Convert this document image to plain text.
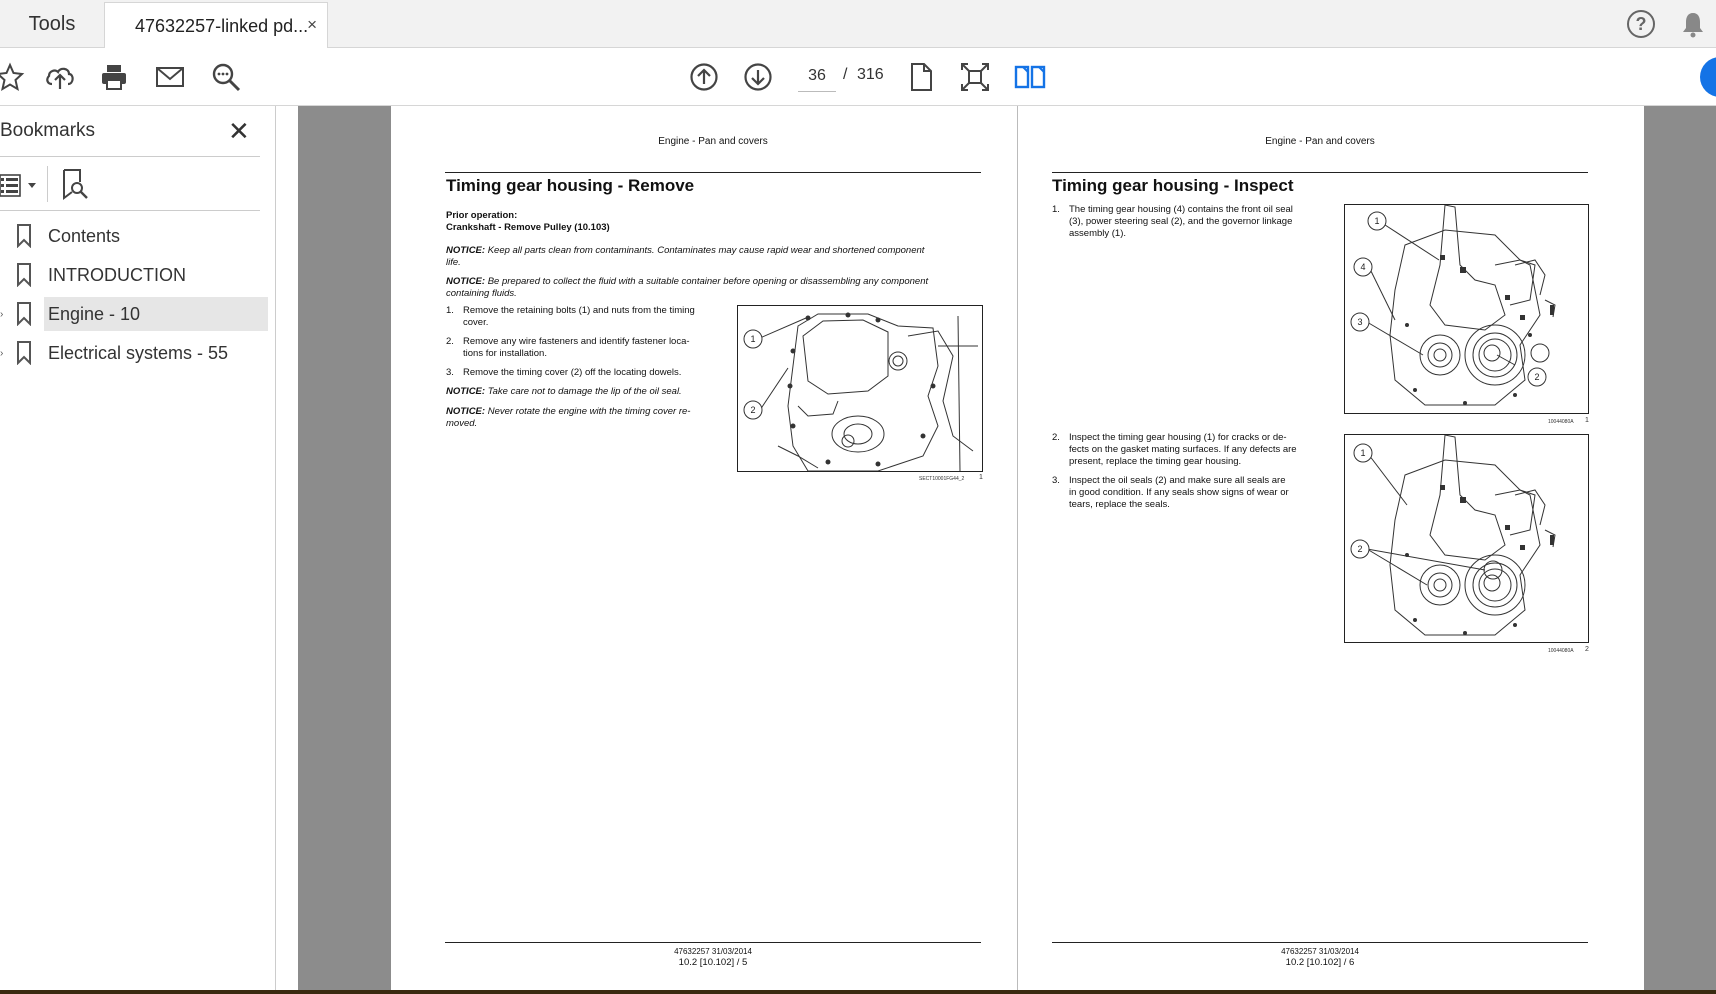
Tools	47632257-linked pd...
×	?
36
/ 316
Bookmarks	✕
Contents
INTRODUCTION
› Engine - 10
› Electrical systems - 55
Engine - Pan and covers
Timing gear housing - Remove
Prior operation:
Crankshaft - Remove Pulley (10.103)
NOTICE: Keep all parts clean from contaminants. Contaminates may cause rapid wear and shortened component
life.
NOTICE: Be prepared to collect the fluid with a suitable container before opening or disassembling any component
containing fluids.
1. Remove the retaining bolts (1) and nuts from the timing
cover.
2. Remove any wire fasteners and identify fastener loca-
tions for installation.
3. Remove the timing cover (2) off the locating dowels.
NOTICE: Take care not to damage the lip of the oil seal.
NOTICE: Never rotate the engine with the timing cover re-
moved.
1
2
SECT10001FG44_2 1
47632257 31/03/2014
10.2 [10.102] / 5
Engine - Pan and covers
Timing gear housing - Inspect
1. The timing gear housing (4) contains the front oil seal
(3), power steering seal (2), and the governor linkage
assembly (1).
2. Inspect the timing gear housing (1) for cracks or de-
fects on the gasket mating surfaces. If any defects are
present, replace the timing gear housing.
3. Inspect the oil seals (2) and make sure all seals are
in good condition. If any seals show signs of wear or
tears, replace the seals.
1
4
3
2
10044080A 1
1
2
10044080A 2
47632257 31/03/2014
10.2 [10.102] / 6
